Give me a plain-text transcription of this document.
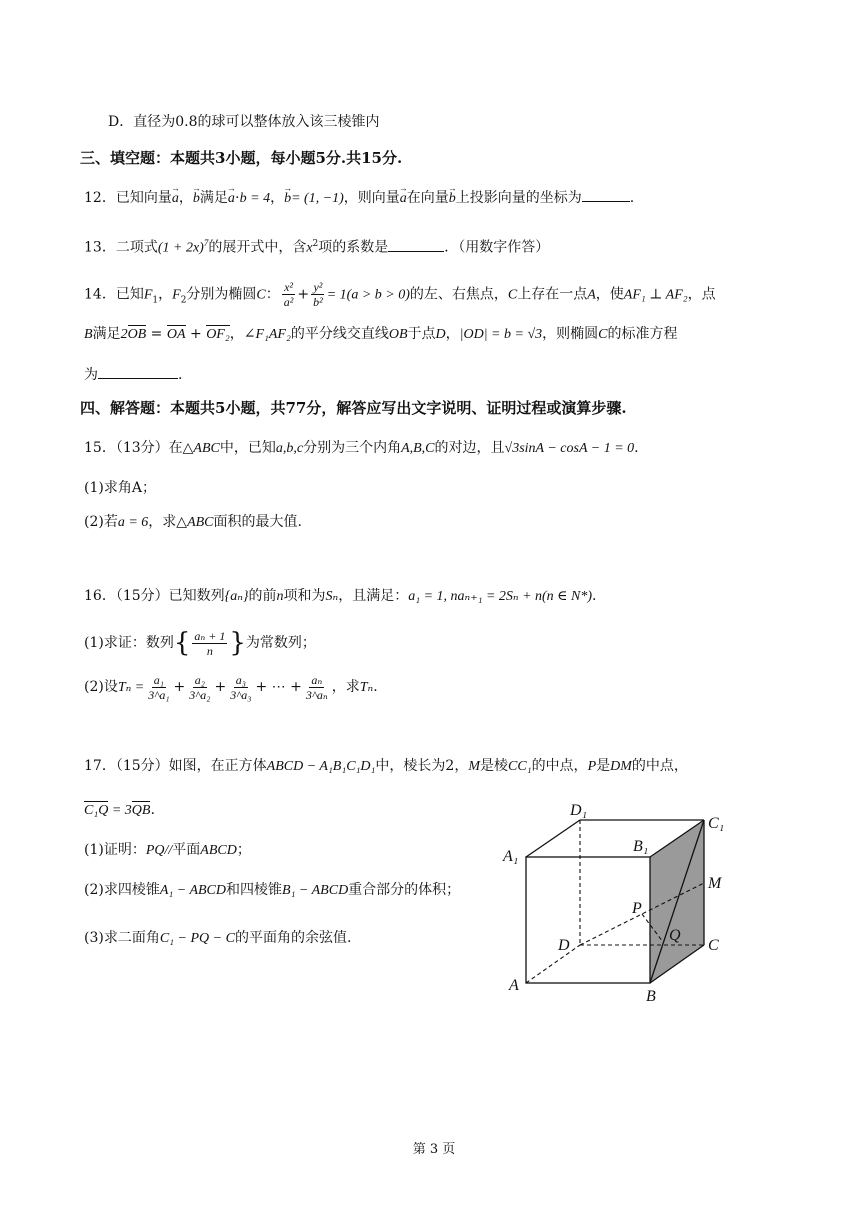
D．直径为0.8的球可以整体放入该三棱锥内
三、填空题：本题共3小题，每小题5分.共15分.
12．已知向量→ a，→ b满足→ a⋅b = 4，→ b= (1, −1)，则向量→ a在向量→ b上投影向量的坐标为	.
13．二项式$(1 + 2x)^7$的展开式中，含$x^2$项的系数是	．（用数字作答）
14．已知$F_1$，$F_2$分别为椭圆C： $\frac{\text{x²}}{\text{a²}} + \frac{\text{y²}}{\text{b²}} = 1(a > b > 0)$的左、右焦点，C上存在一点A，使AF₁ ⊥ AF₂，点
B满足2OB = OA + OF₂，∠F₁AF₂的平分线交直线OB于点D，|OD| = b = √3，则椭圆C的标准方程
为	.
四、解答题：本题共5小题，共77分，解答应写出文字说明、证明过程或演算步骤.
15．（13分）在△ABC中，已知a,b,c分别为三个内角A,B,C的对边，且√3sinA − cosA − 1 = 0.
(1)求角A；
(2)若a = 6，求△ABC面积的最大值.
16．（15分）已知数列{aₙ}的前n项和为Sₙ，且满足：a₁ = 1, naₙ₊₁ = 2Sₙ + n(n ∈ N*).
(1)求证：数列{ $\frac{\text{aₙ + 1}}{n}$ }为常数列；
(2)设$T_n = \frac{\text{a₁}}{\text{3\textasciicircum{}a₁}} + \frac{\text{a₂}}{\text{3\textasciicircum{}a₂}} + \frac{\text{a₃}}{\text{3\textasciicircum{}a₃}}$ + ⋯ + $\frac{\text{aₙ}}{\text{3\textasciicircum{}aₙ}}$ ，求Tₙ.
17．（15分）如图，在正方体ABCD − A₁B₁C₁D₁中，棱长为2，M是棱CC₁的中点，P是DM的中点，
C₁Q = 3QB.
(1)证明：PQ//平面ABCD；
(2)求四棱锥A₁ − ABCD和四棱锥B₁ − ABCD重合部分的体积；
(3)求二面角C₁ − PQ − C的平面角的余弦值.
D₁
C₁
A₁
B₁
M
P
Q
D	C
A
B
第 3 页
